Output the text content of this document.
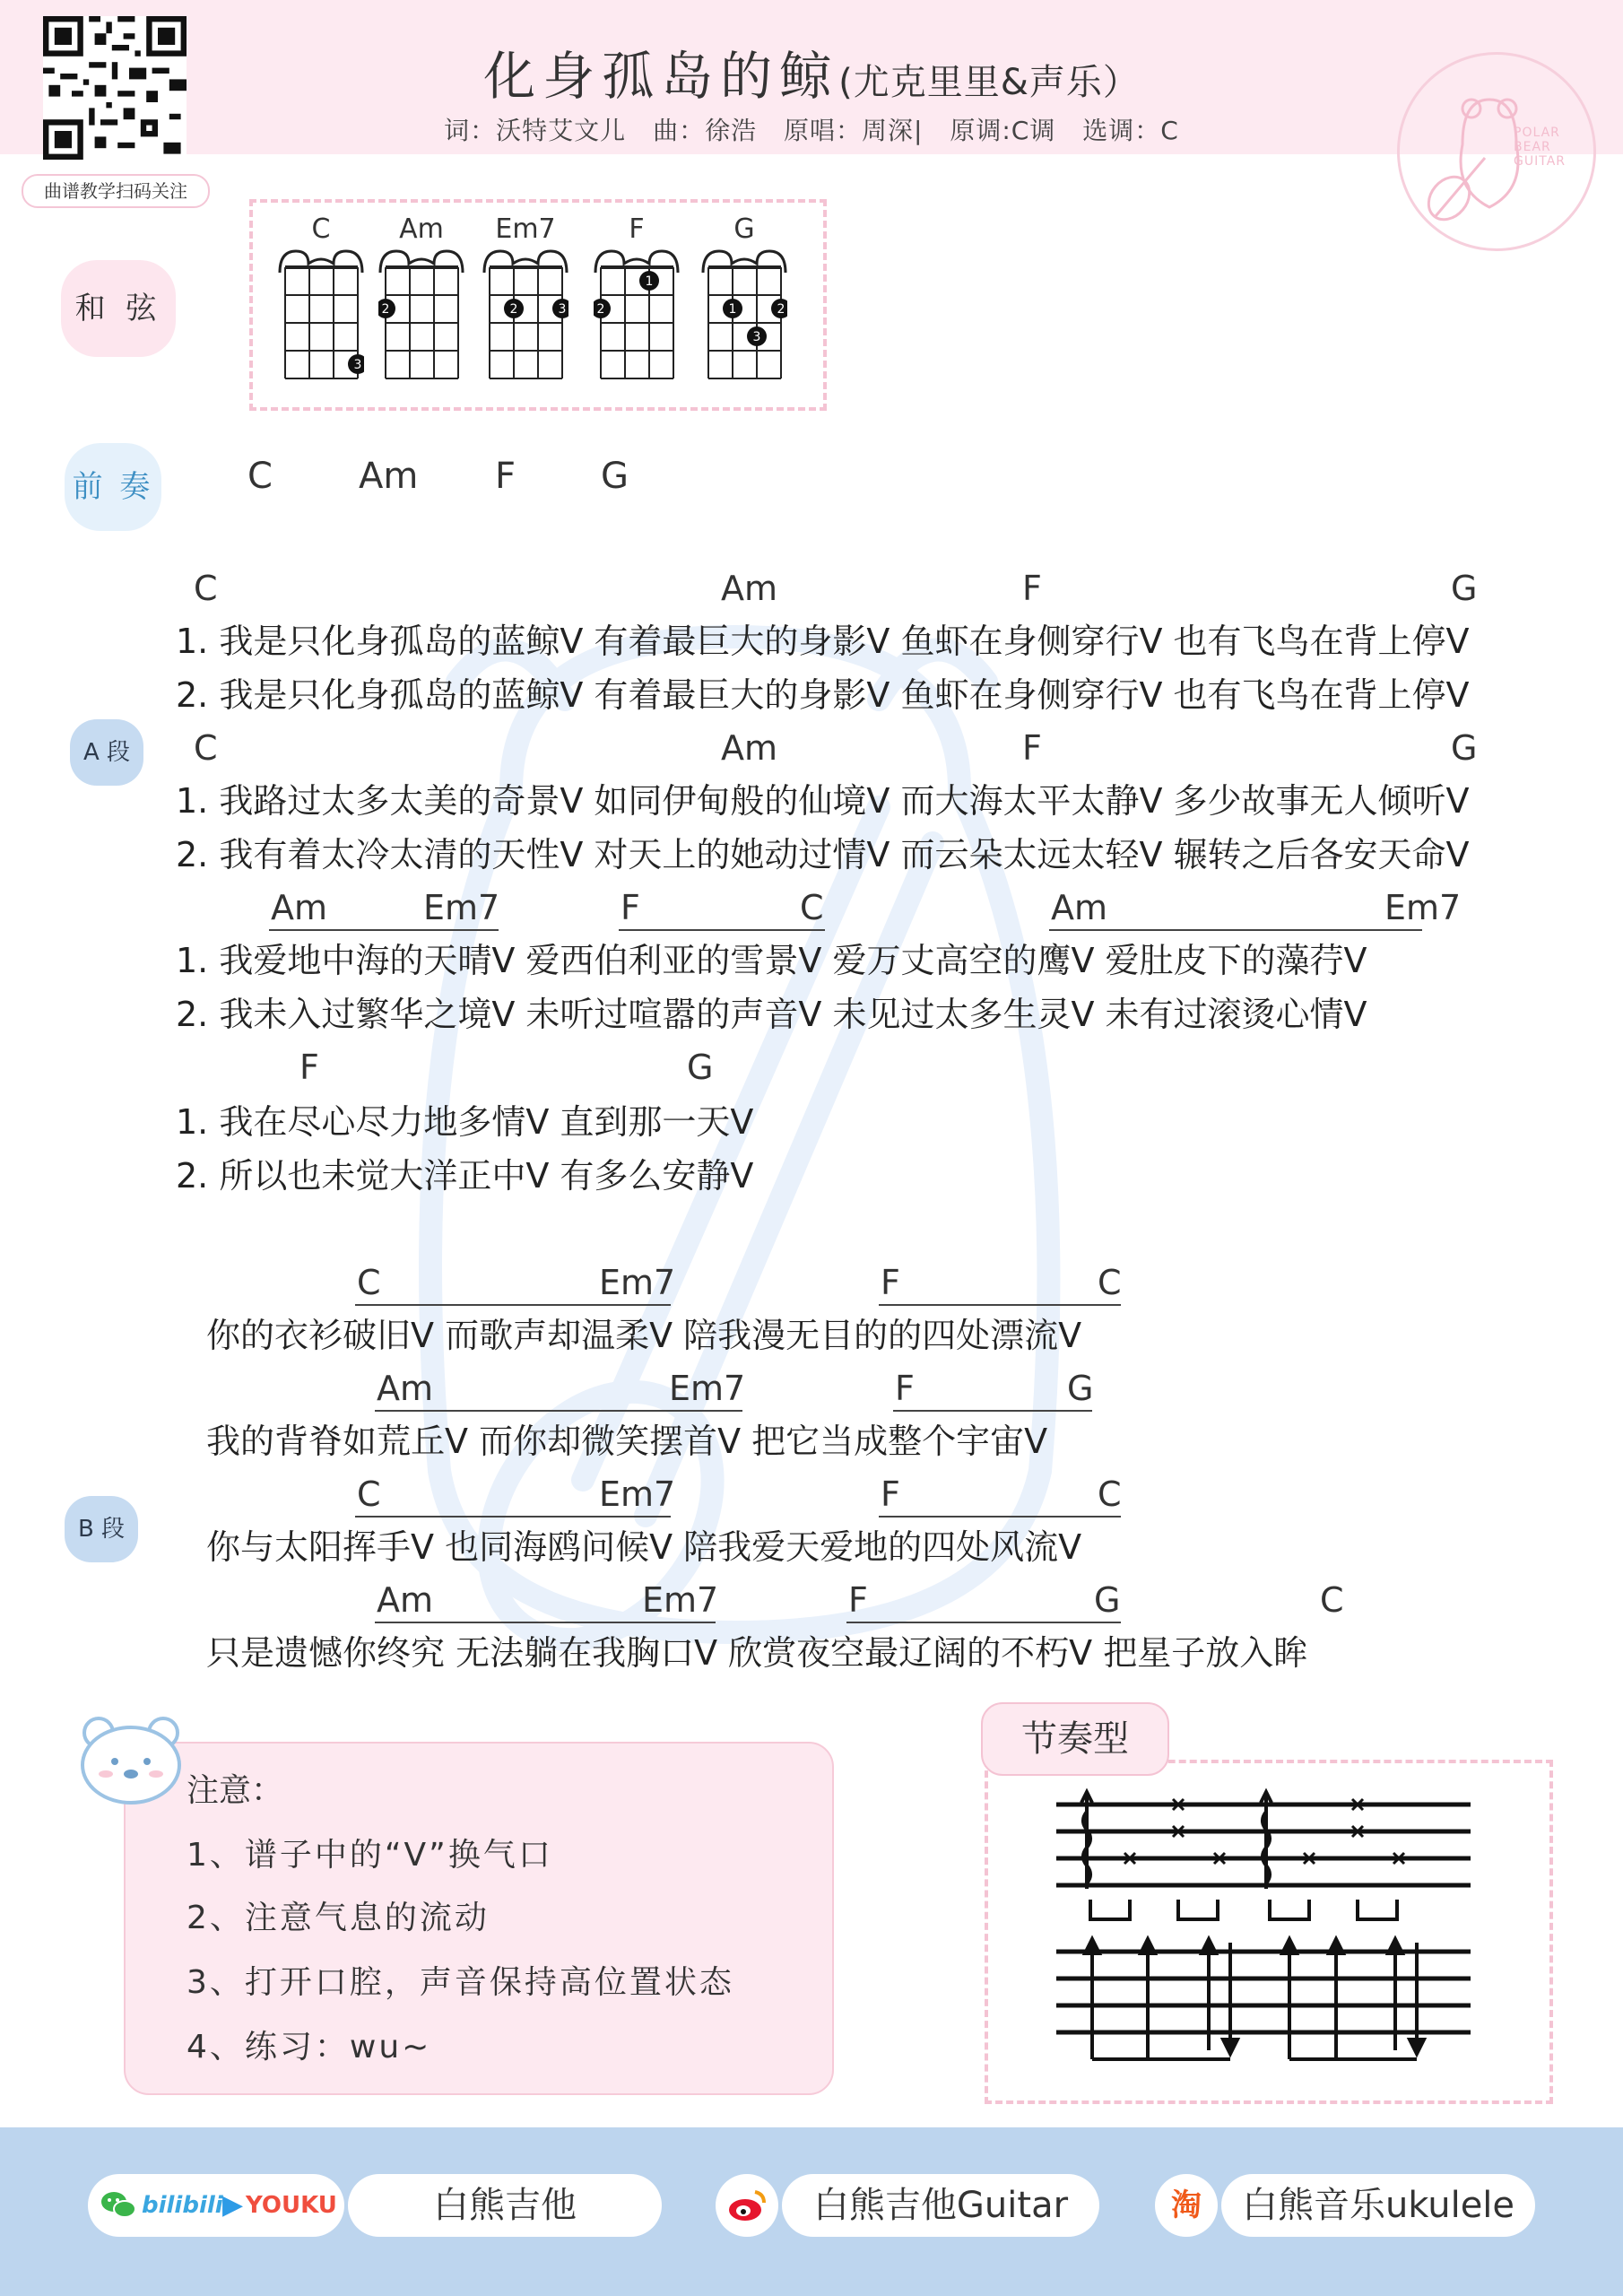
曲谱教学扫码关注
化身孤岛的鲸(尤克里里&声乐）
词：沃特艾文儿 曲：徐浩 原唱：周深| 原调:C调 选调：C	POLAR
BEAR
GUITAR
和 弦
C
3
Am
2
Em7
2	3
F
2
1
G
1	2
3
前 奏	C Am F G
A 段
C	Am	F	G
1. 我是只化身孤岛的蓝鲸V 有着最巨大的身影V 鱼虾在身侧穿行V 也有飞鸟在背上停V
2. 我是只化身孤岛的蓝鲸V 有着最巨大的身影V 鱼虾在身侧穿行V 也有飞鸟在背上停V
C	Am	F	G
1. 我路过太多太美的奇景V 如同伊甸般的仙境V 而大海太平太静V 多少故事无人倾听V
2. 我有着太冷太清的天性V 对天上的她动过情V 而云朵太远太轻V 辗转之后各安天命V
Am	Em7	F	C	Am	Em7
1. 我爱地中海的天晴V 爱西伯利亚的雪景V 爱万丈高空的鹰V 爱肚皮下的藻荇V
2. 我未入过繁华之境V 未听过喧嚣的声音V 未见过太多生灵V 未有过滚烫心情V
F	G
1. 我在尽心尽力地多情V 直到那一天V
2. 所以也未觉大洋正中V 有多么安静V
B 段
C	Em7	F	C
你的衣衫破旧V 而歌声却温柔V 陪我漫无目的的四处漂流V
Am	Em7	F	G
我的背脊如荒丘V 而你却微笑摆首V 把它当成整个宇宙V
C	Em7	F	C
你与太阳挥手V 也同海鸥问候V 陪我爱天爱地的四处风流V
Am	Em7	F	G	C
只是遗憾你终究 无法躺在我胸口V 欣赏夜空最辽阔的不朽V 把星子放入眸
注意：
1、谱子中的“V”换气口
2、注意气息的流动
3、打开口腔，声音保持高位置状态
4、练习：wu~
节奏型
bilibili ▶ YOUKU	白熊吉他	白熊吉他Guitar	淘	白熊音乐ukulele
